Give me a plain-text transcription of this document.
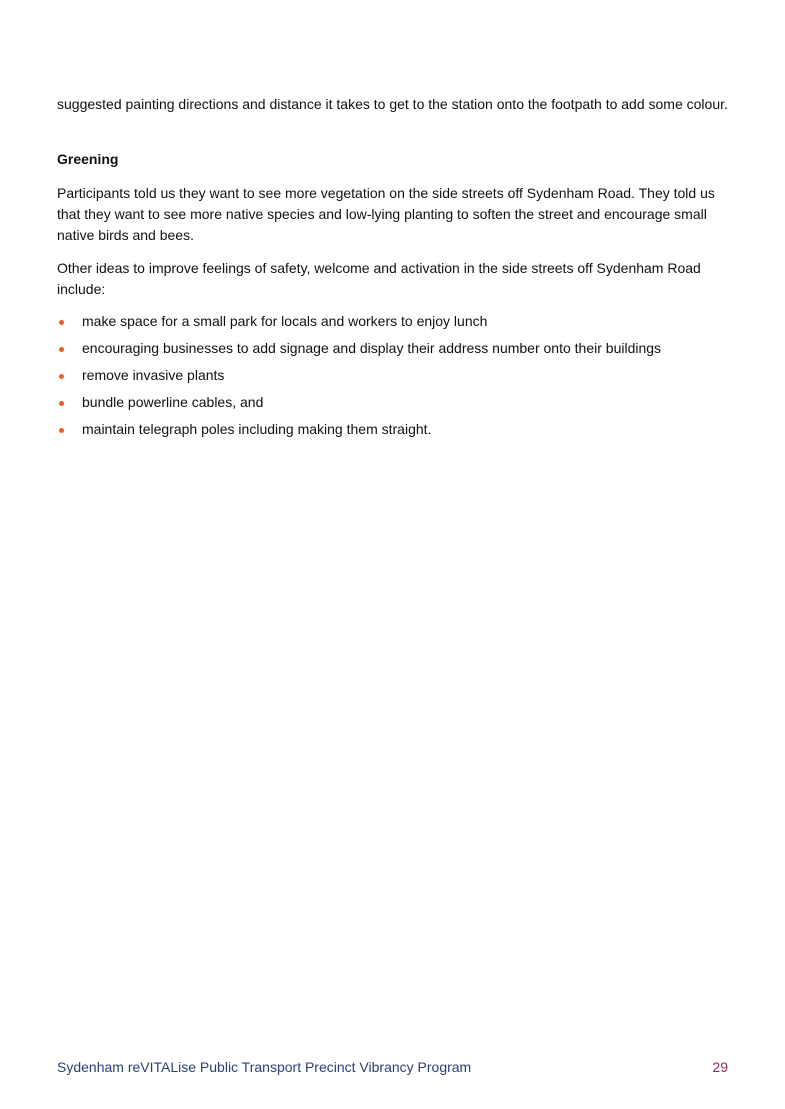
suggested painting directions and distance it takes to get to the station onto the footpath to add some colour.

Greening

Participants told us they want to see more vegetation on the side streets off Sydenham Road. They told us that they want to see more native species and low-lying planting to soften the street and encourage small native birds and bees.

Other ideas to improve feelings of safety, welcome and activation in the side streets off Sydenham Road include:

make space for a small park for locals and workers to enjoy lunch
encouraging businesses to add signage and display their address number onto their buildings
remove invasive plants
bundle powerline cables, and
maintain telegraph poles including making them straight.
Sydenham reVITALise Public Transport Precinct Vibrancy Program	29
